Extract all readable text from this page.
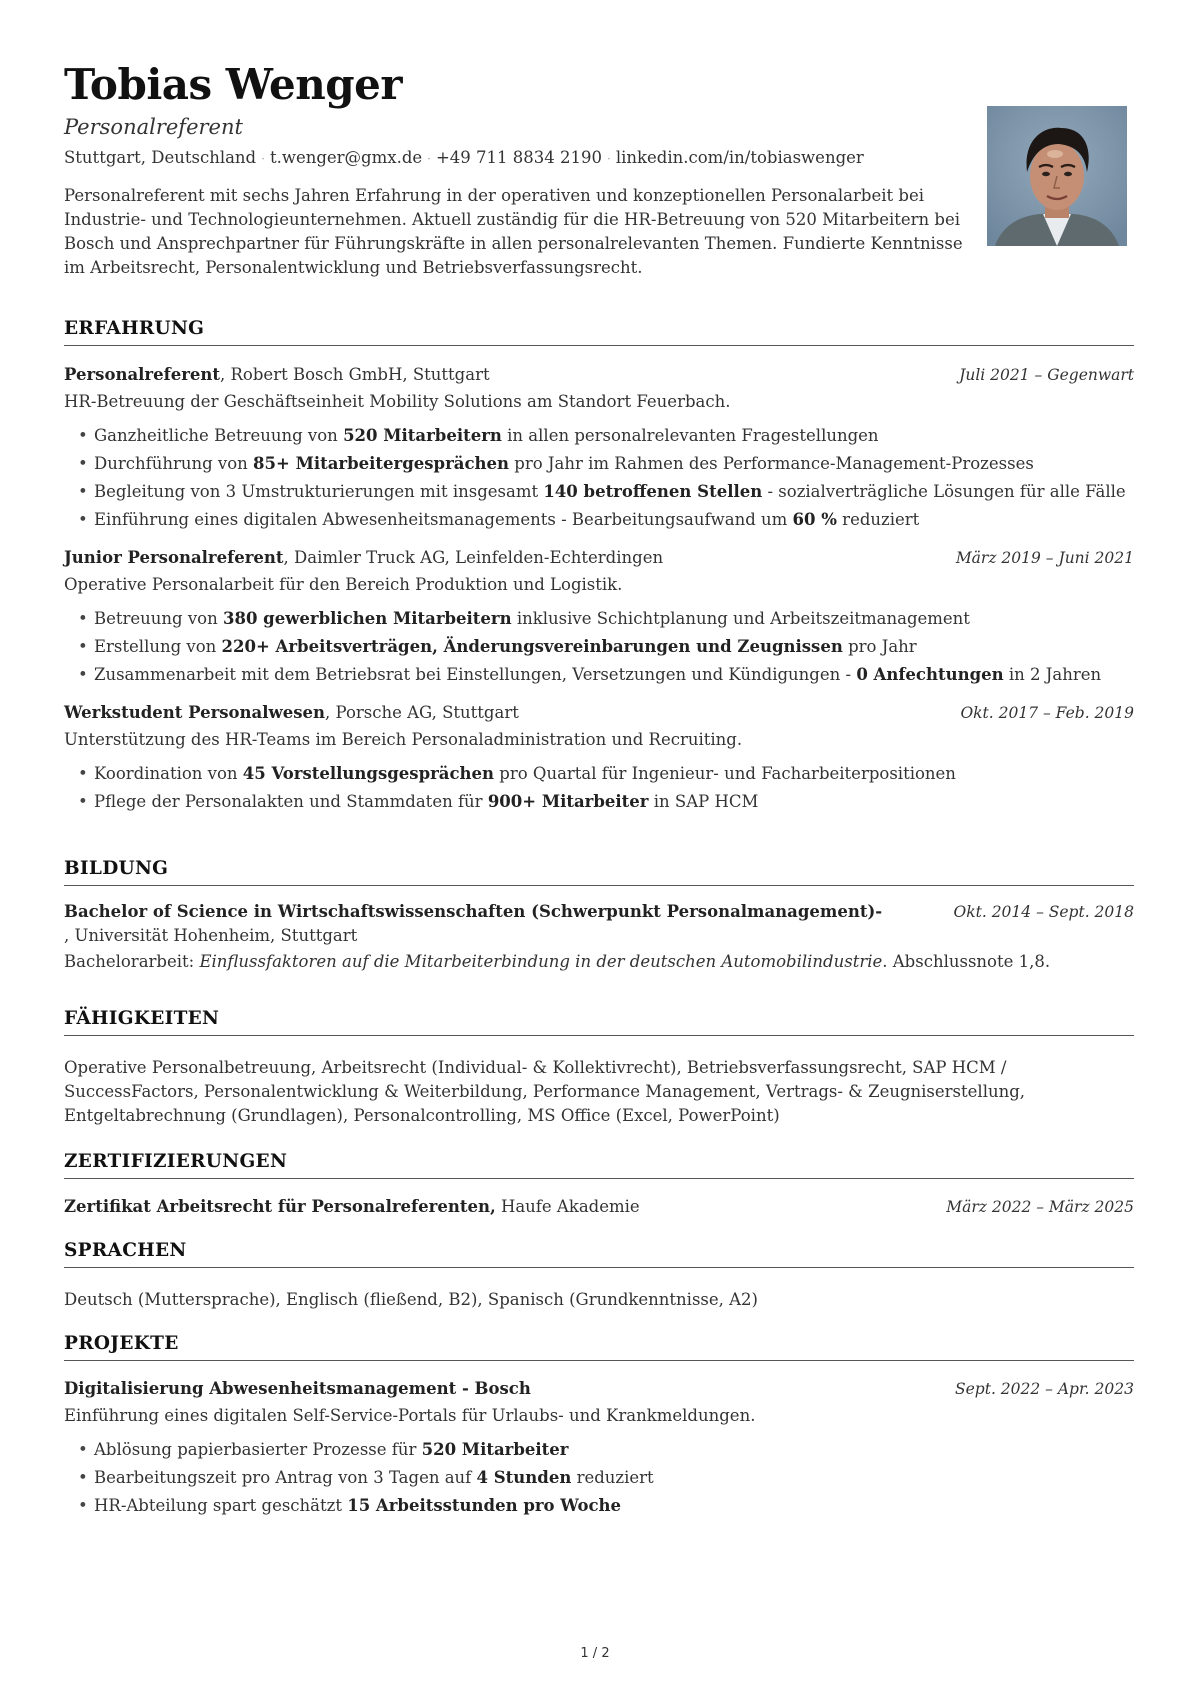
Tobias Wenger
Personalreferent
Stuttgart, Deutschland · t.wenger@gmx.de · +49 711 8834 2190 · linkedin.com/in/tobiaswenger
Personalreferent mit sechs Jahren Erfahrung in der operativen und konzeptionellen Personalarbeit bei Industrie- und Technologieunternehmen. Aktuell zuständig für die HR-Betreuung von 520 Mitarbeitern bei Bosch und Ansprechpartner für Führungskräfte in allen personalrelevanten Themen. Fundierte Kenntnisse im Arbeitsrecht, Personalentwicklung und Betriebsverfassungsrecht.
ERFAHRUNG
Personalreferent, Robert Bosch GmbH, Stuttgart	Juli 2021 – Gegenwart
HR-Betreuung der Geschäftseinheit Mobility Solutions am Standort Feuerbach.
• Ganzheitliche Betreuung von 520 Mitarbeitern in allen personalrelevanten Fragestellungen
• Durchführung von 85+ Mitarbeitergesprächen pro Jahr im Rahmen des Performance-Management-Prozesses
• Begleitung von 3 Umstrukturierungen mit insgesamt 140 betroffenen Stellen - sozialverträgliche Lösungen für alle Fälle
• Einführung eines digitalen Abwesenheitsmanagements - Bearbeitungsaufwand um 60 % reduziert
Junior Personalreferent, Daimler Truck AG, Leinfelden-Echterdingen	März 2019 – Juni 2021
Operative Personalarbeit für den Bereich Produktion und Logistik.
• Betreuung von 380 gewerblichen Mitarbeitern inklusive Schichtplanung und Arbeitszeitmanagement
• Erstellung von 220+ Arbeitsverträgen, Änderungsvereinbarungen und Zeugnissen pro Jahr
• Zusammenarbeit mit dem Betriebsrat bei Einstellungen, Versetzungen und Kündigungen - 0 Anfechtungen in 2 Jahren
Werkstudent Personalwesen, Porsche AG, Stuttgart	Okt. 2017 – Feb. 2019
Unterstützung des HR-Teams im Bereich Personaladministration und Recruiting.
• Koordination von 45 Vorstellungsgesprächen pro Quartal für Ingenieur- und Facharbeiterpositionen
• Pflege der Personalakten und Stammdaten für 900+ Mitarbeiter in SAP HCM
BILDUNG
Bachelor of Science in Wirtschaftswissenschaften (Schwerpunkt Personalmanagement)-	Okt. 2014 – Sept. 2018
, Universität Hohenheim, Stuttgart
Bachelorarbeit: Einflussfaktoren auf die Mitarbeiterbindung in der deutschen Automobilindustrie. Abschlussnote 1,8.
FÄHIGKEITEN
Operative Personalbetreuung, Arbeitsrecht (Individual- & Kollektivrecht), Betriebsverfassungsrecht, SAP HCM / SuccessFactors, Personalentwicklung & Weiterbildung, Performance Management, Vertrags- & Zeugniserstellung, Entgeltabrechnung (Grundlagen), Personalcontrolling, MS Office (Excel, PowerPoint)
ZERTIFIZIERUNGEN
Zertifikat Arbeitsrecht für Personalreferenten, Haufe Akademie	März 2022 – März 2025
SPRACHEN
Deutsch (Muttersprache), Englisch (fließend, B2), Spanisch (Grundkenntnisse, A2)
PROJEKTE
Digitalisierung Abwesenheitsmanagement - Bosch	Sept. 2022 – Apr. 2023
Einführung eines digitalen Self-Service-Portals für Urlaubs- und Krankmeldungen.
• Ablösung papierbasierter Prozesse für 520 Mitarbeiter
• Bearbeitungszeit pro Antrag von 3 Tagen auf 4 Stunden reduziert
• HR-Abteilung spart geschätzt 15 Arbeitsstunden pro Woche
1 / 2
